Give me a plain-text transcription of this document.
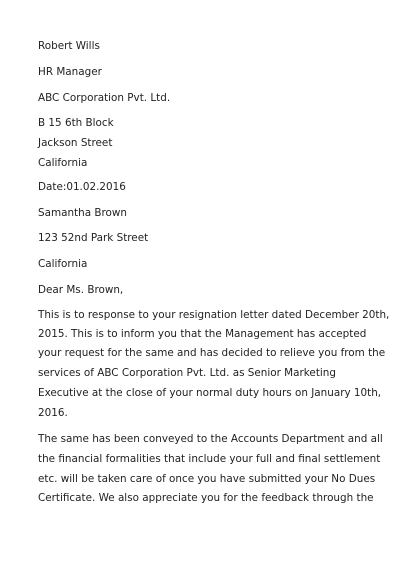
Robert Wills
HR Manager
ABC Corporation Pvt. Ltd.
B 15 6th Block
Jackson Street
California
Date:01.02.2016
Samantha Brown
123 52nd Park Street
California
Dear Ms. Brown,
This is to response to your resignation letter dated December 20th,
2015. This is to inform you that the Management has accepted
your request for the same and has decided to relieve you from the
services of ABC Corporation Pvt. Ltd. as Senior Marketing
Executive at the close of your normal duty hours on January 10th,
2016.
The same has been conveyed to the Accounts Department and all
the financial formalities that include your full and final settlement
etc. will be taken care of once you have submitted your No Dues
Certificate. We also appreciate you for the feedback through the
